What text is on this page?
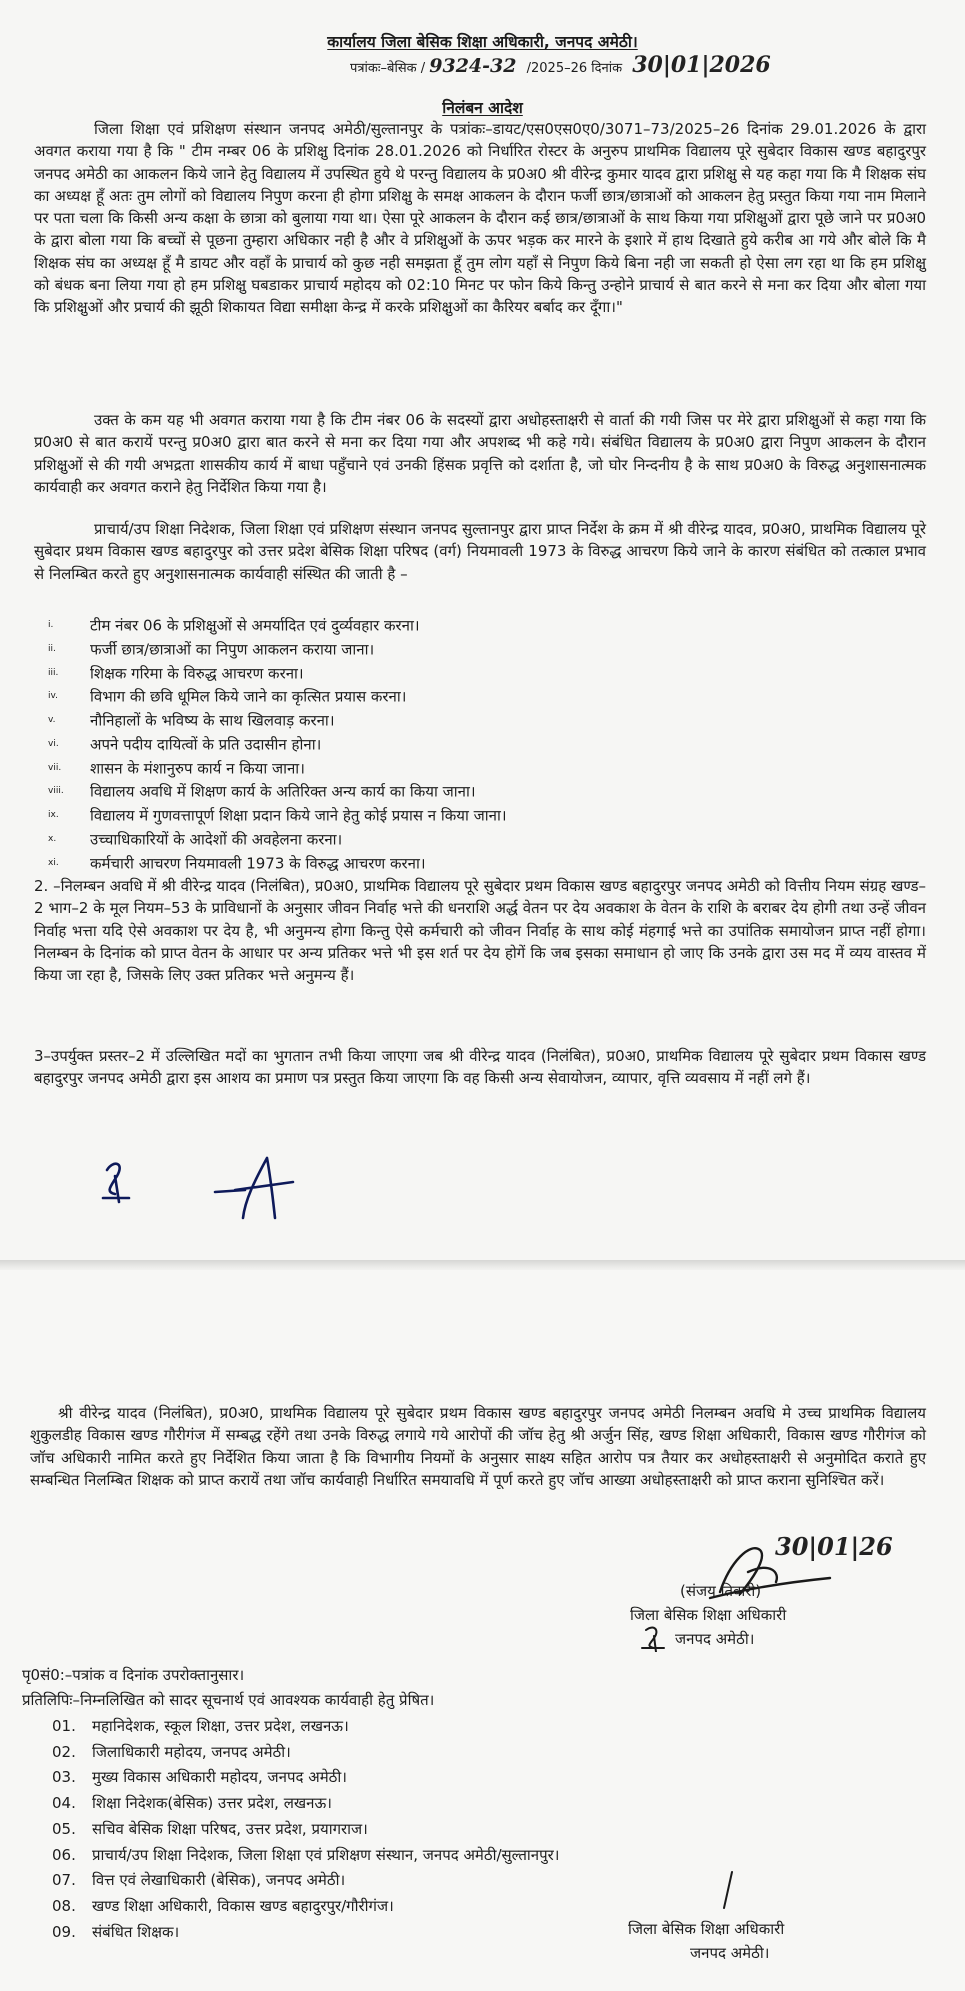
कार्यालय जिला बेसिक शिक्षा अधिकारी, जनपद अमेठी।
पत्रांकः–बेसिक / 9324-32 /2025–26 दिनांक 30|01|2026
निलंबन आदेश
जिला शिक्षा एवं प्रशिक्षण संस्थान जनपद अमेठी/सुल्तानपुर के पत्रांकः–डायट/एस0एस0ए0/3071–73/2025–26 दिनांक 29.01.2026 के द्वारा अवगत कराया गया है कि " टीम नम्बर 06 के प्रशिक्षु दिनांक 28.01.2026 को निर्धारित रोस्टर के अनुरुप प्राथमिक विद्यालय पूरे सुबेदार विकास खण्ड बहादुरपुर जनपद अमेठी का आकलन किये जाने हेतु विद्यालय में उपस्थित हुये थे परन्तु विद्यालय के प्र0अ0 श्री वीरेन्द्र कुमार यादव द्वारा प्रशिक्षु से यह कहा गया कि मै शिक्षक संघ का अध्यक्ष हूँ अतः तुम लोगों को विद्यालय निपुण करना ही होगा प्रशिक्षु के समक्ष आकलन के दौरान फर्जी छात्र/छात्राओं को आकलन हेतु प्रस्तुत किया गया नाम मिलाने पर पता चला कि किसी अन्य कक्षा के छात्रा को बुलाया गया था। ऐसा पूरे आकलन के दौरान कई छात्र/छात्राओं के साथ किया गया प्रशिक्षुओं द्वारा पूछे जाने पर प्र0अ0 के द्वारा बोला गया कि बच्चों से पूछना तुम्हारा अधिकार नही है और वे प्रशिक्षुओं के ऊपर भड़क कर मारने के इशारे में हाथ दिखाते हुये करीब आ गये और बोले कि मै शिक्षक संघ का अध्यक्ष हूँ मै डायट और वहाँ के प्राचार्य को कुछ नही समझता हूँ तुम लोग यहाँ से निपुण किये बिना नही जा सकती हो ऐसा लग रहा था कि हम प्रशिक्षु को बंधक बना लिया गया हो हम प्रशिक्षु घबडाकर प्राचार्य महोदय को 02:10 मिनट पर फोन किये किन्तु उन्होने प्राचार्य से बात करने से मना कर दिया और बोला गया कि प्रशिक्षुओं और प्रचार्य की झूठी शिकायत विद्या समीक्षा केन्द्र में करके प्रशिक्षुओं का कैरियर बर्बाद कर दूँगा।"
उक्त के कम यह भी अवगत कराया गया है कि टीम नंबर 06 के सदस्यों द्वारा अधोहस्ताक्षरी से वार्ता की गयी जिस पर मेरे द्वारा प्रशिक्षुओं से कहा गया कि प्र0अ0 से बात करायें परन्तु प्र0अ0 द्वारा बात करने से मना कर दिया गया और अपशब्द भी कहे गये। संबंधित विद्यालय के प्र0अ0 द्वारा निपुण आकलन के दौरान प्रशिक्षुओं से की गयी अभद्रता शासकीय कार्य में बाधा पहुँचाने एवं उनकी हिंसक प्रवृत्ति को दर्शाता है, जो घोर निन्दनीय है के साथ प्र0अ0 के विरुद्ध अनुशासनात्मक कार्यवाही कर अवगत कराने हेतु निर्देशित किया गया है।
प्राचार्य/उप शिक्षा निदेशक, जिला शिक्षा एवं प्रशिक्षण संस्थान जनपद सुल्तानपुर द्वारा प्राप्त निर्देश के क्रम में श्री वीरेन्द्र यादव, प्र0अ0, प्राथमिक विद्यालय पूरे सुबेदार प्रथम विकास खण्ड बहादुरपुर को उत्तर प्रदेश बेसिक शिक्षा परिषद (वर्ग) नियमावली 1973 के विरुद्ध आचरण किये जाने के कारण संबंधित को तत्काल प्रभाव से निलम्बित करते हुए अनुशासनात्मक कार्यवाही संस्थित की जाती है –
i. टीम नंबर 06 के प्रशिक्षुओं से अमर्यादित एवं दुर्व्यवहार करना।
ii. फर्जी छात्र/छात्राओं का निपुण आकलन कराया जाना।
iii. शिक्षक गरिमा के विरुद्ध आचरण करना।
iv. विभाग की छवि धूमिल किये जाने का कृत्सित प्रयास करना।
v. नौनिहालों के भविष्य के साथ खिलवाड़ करना।
vi. अपने पदीय दायित्वों के प्रति उदासीन होना।
vii. शासन के मंशानुरुप कार्य न किया जाना।
viii. विद्यालय अवधि में शिक्षण कार्य के अतिरिक्त अन्य कार्य का किया जाना।
ix. विद्यालय में गुणवत्तापूर्ण शिक्षा प्रदान किये जाने हेतु कोई प्रयास न किया जाना।
x. उच्चाधिकारियों के आदेशों की अवहेलना करना।
xi. कर्मचारी आचरण नियमावली 1973 के विरुद्ध आचरण करना।
2. –निलम्बन अवधि में श्री वीरेन्द्र यादव (निलंबित), प्र0अ0, प्राथमिक विद्यालय पूरे सुबेदार प्रथम विकास खण्ड बहादुरपुर जनपद अमेठी को वित्तीय नियम संग्रह खण्ड–2 भाग–2 के मूल नियम–53 के प्राविधानों के अनुसार जीवन निर्वाह भत्ते की धनराशि अर्द्ध वेतन पर देय अवकाश के वेतन के राशि के बराबर देय होगी तथा उन्हें जीवन निर्वाह भत्ता यदि ऐसे अवकाश पर देय है, भी अनुमन्य होगा किन्तु ऐसे कर्मचारी को जीवन निर्वाह के साथ कोई मंहगाई भत्ते का उपांतिक समायोजन प्राप्त नहीं होगा। निलम्बन के दिनांक को प्राप्त वेतन के आधार पर अन्य प्रतिकर भत्ते भी इस शर्त पर देय होगें कि जब इसका समाधान हो जाए कि उनके द्वारा उस मद में व्यय वास्तव में किया जा रहा है, जिसके लिए उक्त प्रतिकर भत्ते अनुमन्य हैं।
3–उपर्युक्त प्रस्तर–2 में उल्लिखित मदों का भुगतान तभी किया जाएगा जब श्री वीरेन्द्र यादव (निलंबित), प्र0अ0, प्राथमिक विद्यालय पूरे सुबेदार प्रथम विकास खण्ड बहादुरपुर जनपद अमेठी द्वारा इस आशय का प्रमाण पत्र प्रस्तुत किया जाएगा कि वह किसी अन्य सेवायोजन, व्यापार, वृत्ति व्यवसाय में नहीं लगे हैं।
श्री वीरेन्द्र यादव (निलंबित), प्र0अ0, प्राथमिक विद्यालय पूरे सुबेदार प्रथम विकास खण्ड बहादुरपुर जनपद अमेठी निलम्बन अवधि मे उच्च प्राथमिक विद्यालय शुकुलडीह विकास खण्ड गौरीगंज में सम्बद्ध रहेंगे तथा उनके विरुद्ध लगाये गये आरोपों की जॉच हेतु श्री अर्जुन सिंह, खण्ड शिक्षा अधिकारी, विकास खण्ड गौरीगंज को जॉच अधिकारी नामित करते हुए निर्देशित किया जाता है कि विभागीय नियमों के अनुसार साक्ष्य सहित आरोप पत्र तैयार कर अधोहस्ताक्षरी से अनुमोदित कराते हुए सम्बन्धित निलम्बित शिक्षक को प्राप्त करायें तथा जॉच कार्यवाही निर्धारित समयावधि में पूर्ण करते हुए जॉच आख्या अधोहस्ताक्षरी को प्राप्त कराना सुनिश्चित करें।
30|01|26
(संजय तिवारी)
जिला बेसिक शिक्षा अधिकारी
जनपद अमेठी।
पृ0सं0:–पत्रांक व दिनांक उपरोक्तानुसार।
प्रतिलिपिः–निम्नलिखित को सादर सूचनार्थ एवं आवश्यक कार्यवाही हेतु प्रेषित।
01. महानिदेशक, स्कूल शिक्षा, उत्तर प्रदेश, लखनऊ।
02. जिलाधिकारी महोदय, जनपद अमेठी।
03. मुख्य विकास अधिकारी महोदय, जनपद अमेठी।
04. शिक्षा निदेशक(बेसिक) उत्तर प्रदेश, लखनऊ।
05. सचिव बेसिक शिक्षा परिषद, उत्तर प्रदेश, प्रयागराज।
06. प्राचार्य/उप शिक्षा निदेशक, जिला शिक्षा एवं प्रशिक्षण संस्थान, जनपद अमेठी/सुल्तानपुर।
07. वित्त एवं लेखाधिकारी (बेसिक), जनपद अमेठी।
08. खण्ड शिक्षा अधिकारी, विकास खण्ड बहादुरपुर/गौरीगंज।
09. संबंधित शिक्षक।	जिला बेसिक शिक्षा अधिकारी
जनपद अमेठी।
